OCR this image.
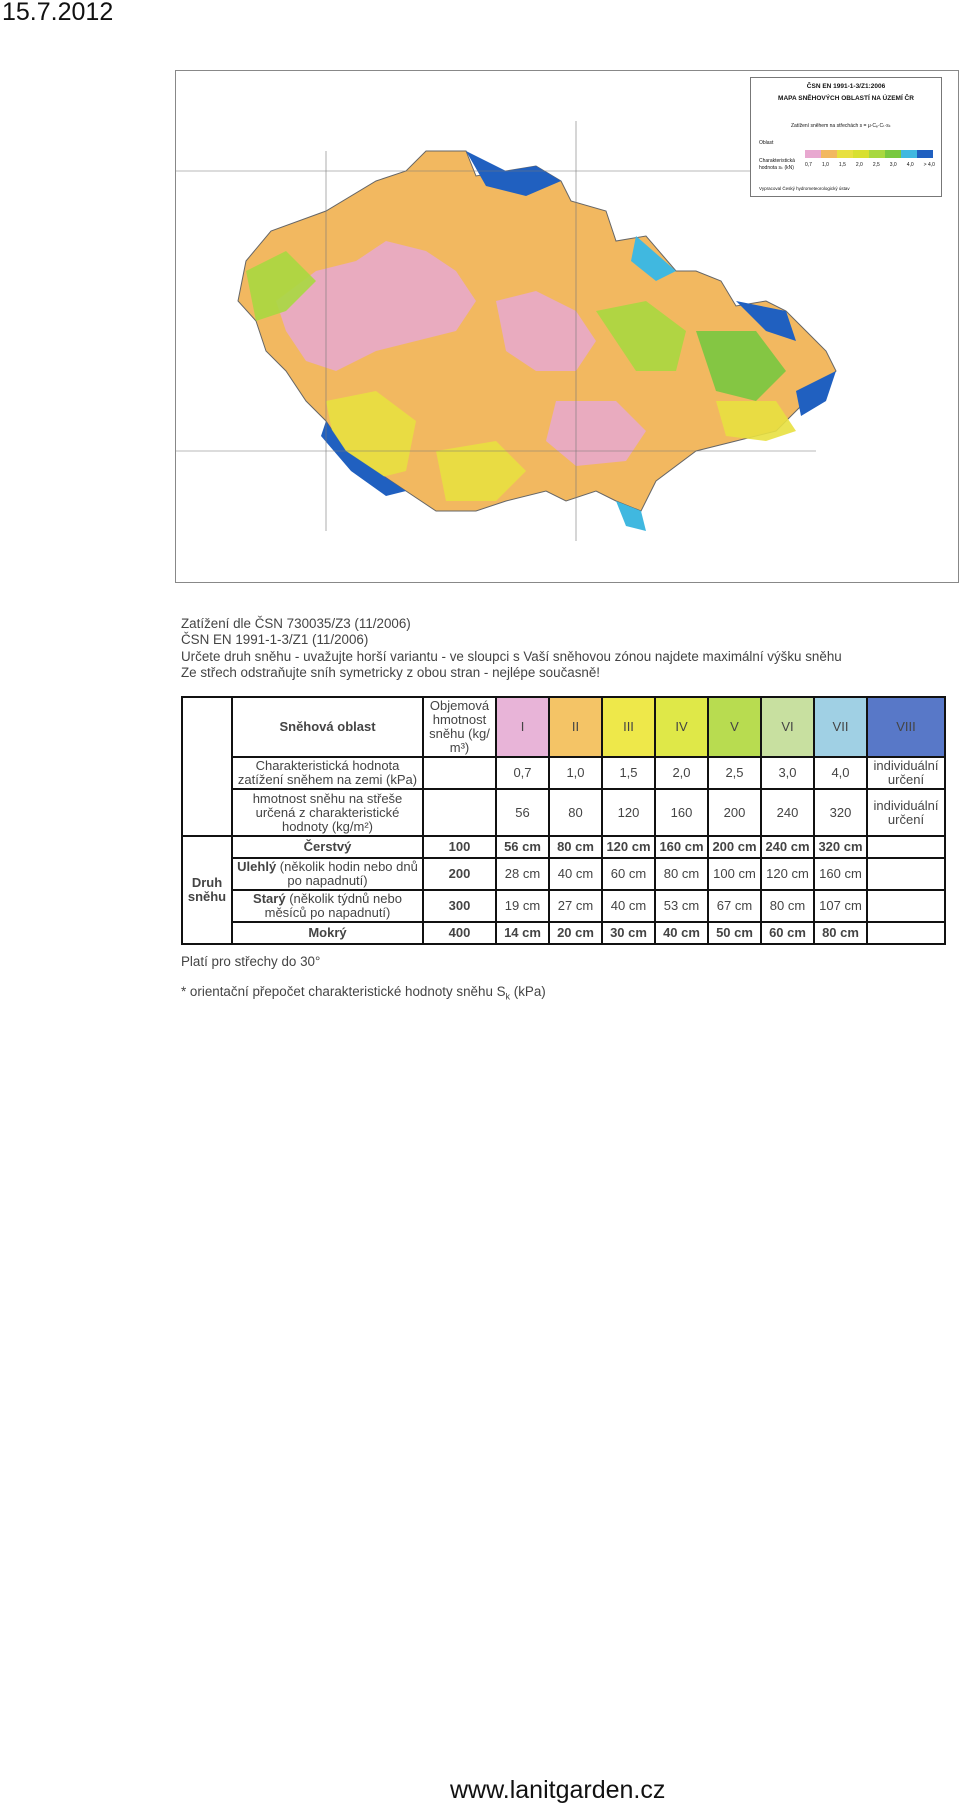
15.7.2012
ČSN EN 1991-1-3/Z1:2006
MAPA SNĚHOVÝCH OBLASTÍ NA ÚZEMÍ ČR
Zatížení sněhem na střechách s = μ·Cₑ·Cₜ·sₖ
Oblast
Charakteristická hodnota sₖ (kN) 0,7 1,0 1,5 2,0 2,5 3,0 4,0 > 4,0
Vypracoval Český hydrometeorologický ústav
Zatížení dle ČSN 730035/Z3 (11/2006)
ČSN EN 1991-1-3/Z1 (11/2006)
Určete druh sněhu - uvažujte horší variantu - ve sloupci s Vaší sněhovou zónou najdete maximální výšku sněhu
Ze střech odstraňujte sníh symetricky z obou stran - nejlépe současně!
	Sněhová oblast	Objemová hmotnost sněhu (kg/ m³)	I	II	III	IV	V	VI	VII	VIII
	Charakteristická hodnota zatížení sněhem na zemi (kPa)		0,7	1,0	1,5	2,0	2,5	3,0	4,0	individuální určení
	hmotnost sněhu na střeše určená z charakteristické hodnoty (kg/m²)		56	80	120	160	200	240	320	individuální určení
Druh sněhu	Čerstvý	100	56 cm	80 cm	120 cm	160 cm	200 cm	240 cm	320 cm	
	Ulehlý (několik hodin nebo dnů po napadnutí)	200	28 cm	40 cm	60 cm	80 cm	100 cm	120 cm	160 cm	
	Starý (několik týdnů nebo měsíců po napadnutí)	300	19 cm	27 cm	40 cm	53 cm	67 cm	80 cm	107 cm	
	Mokrý	400	14 cm	20 cm	30 cm	40 cm	50 cm	60 cm	80 cm	
Platí pro střechy do 30°
* orientační přepočet charakteristické hodnoty sněhu $S_k$ (kPa)
www.lanitgarden.cz
